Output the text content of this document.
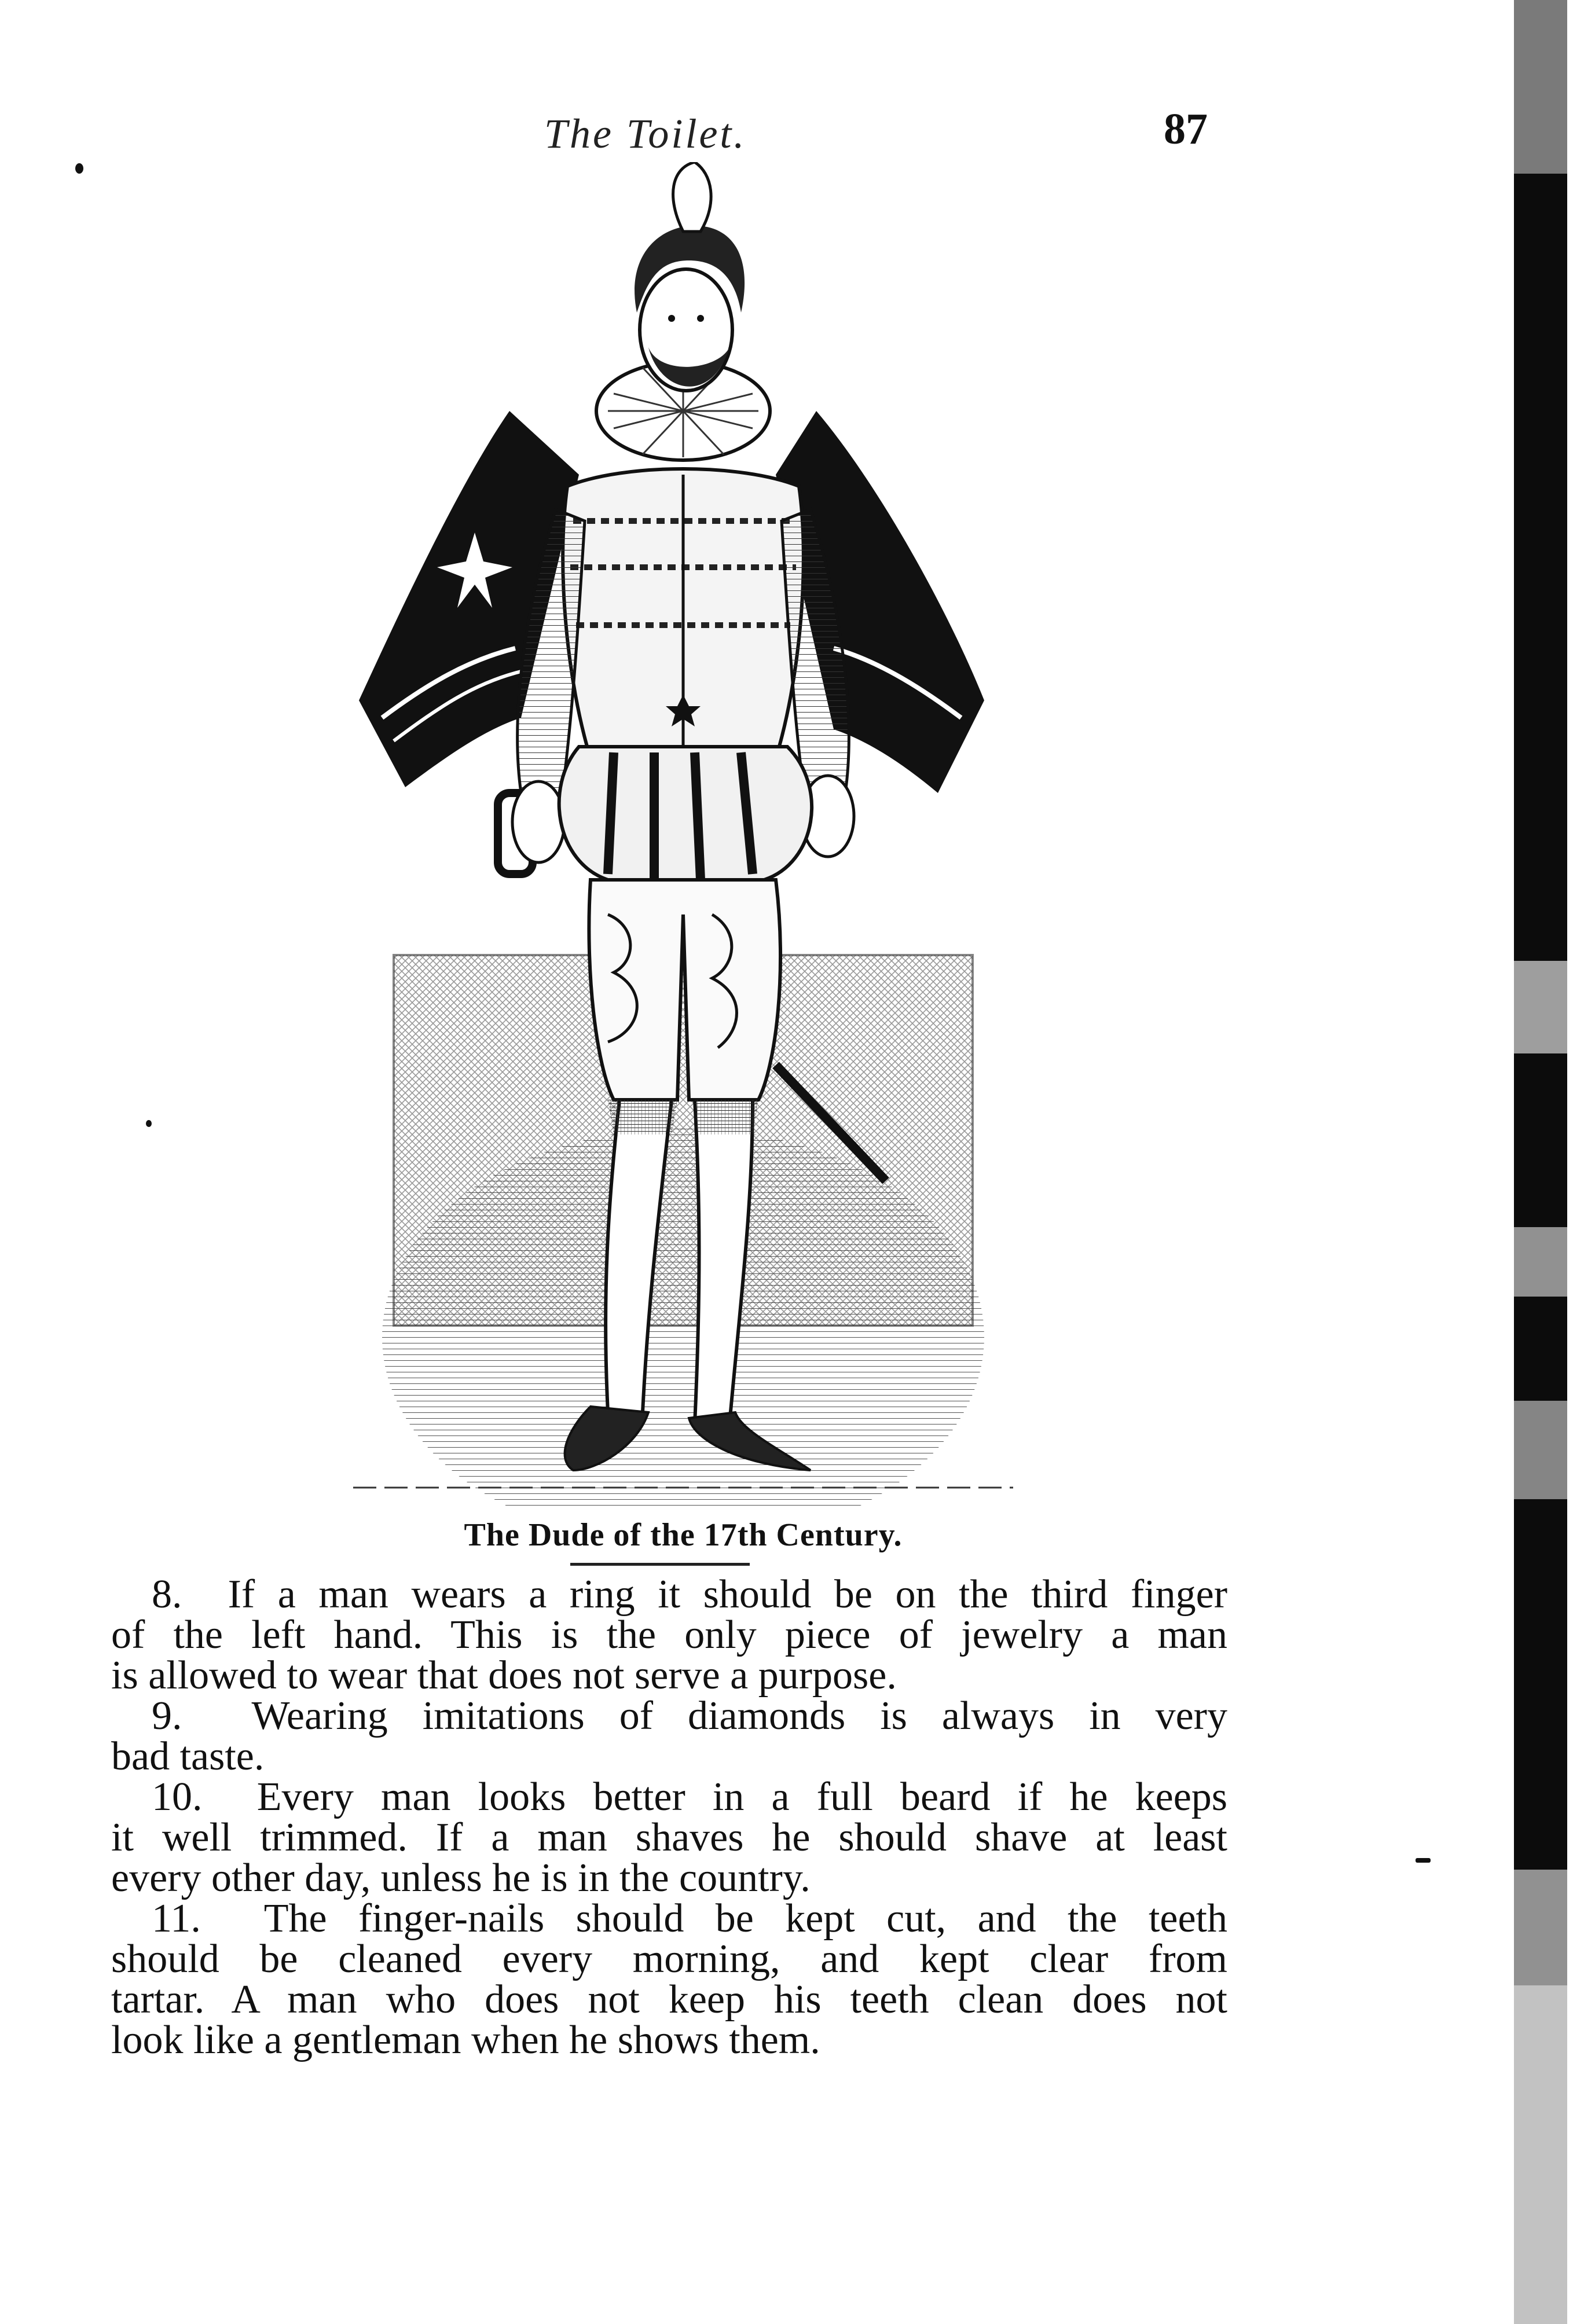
The Toilet.	87
The Dude of the 17th Century.
8. If a man wears a ring it should be on the third finger
of the left hand. This is the only piece of jewelry a man
is allowed to wear that does not serve a purpose.
9. Wearing imitations of diamonds is always in very
bad taste.
10. Every man looks better in a full beard if he keeps
it well trimmed. If a man shaves he should shave at least
every other day, unless he is in the country.
11. The finger-nails should be kept cut, and the teeth
should be cleaned every morning, and kept clear from
tartar. A man who does not keep his teeth clean does not
look like a gentleman when he shows them.
